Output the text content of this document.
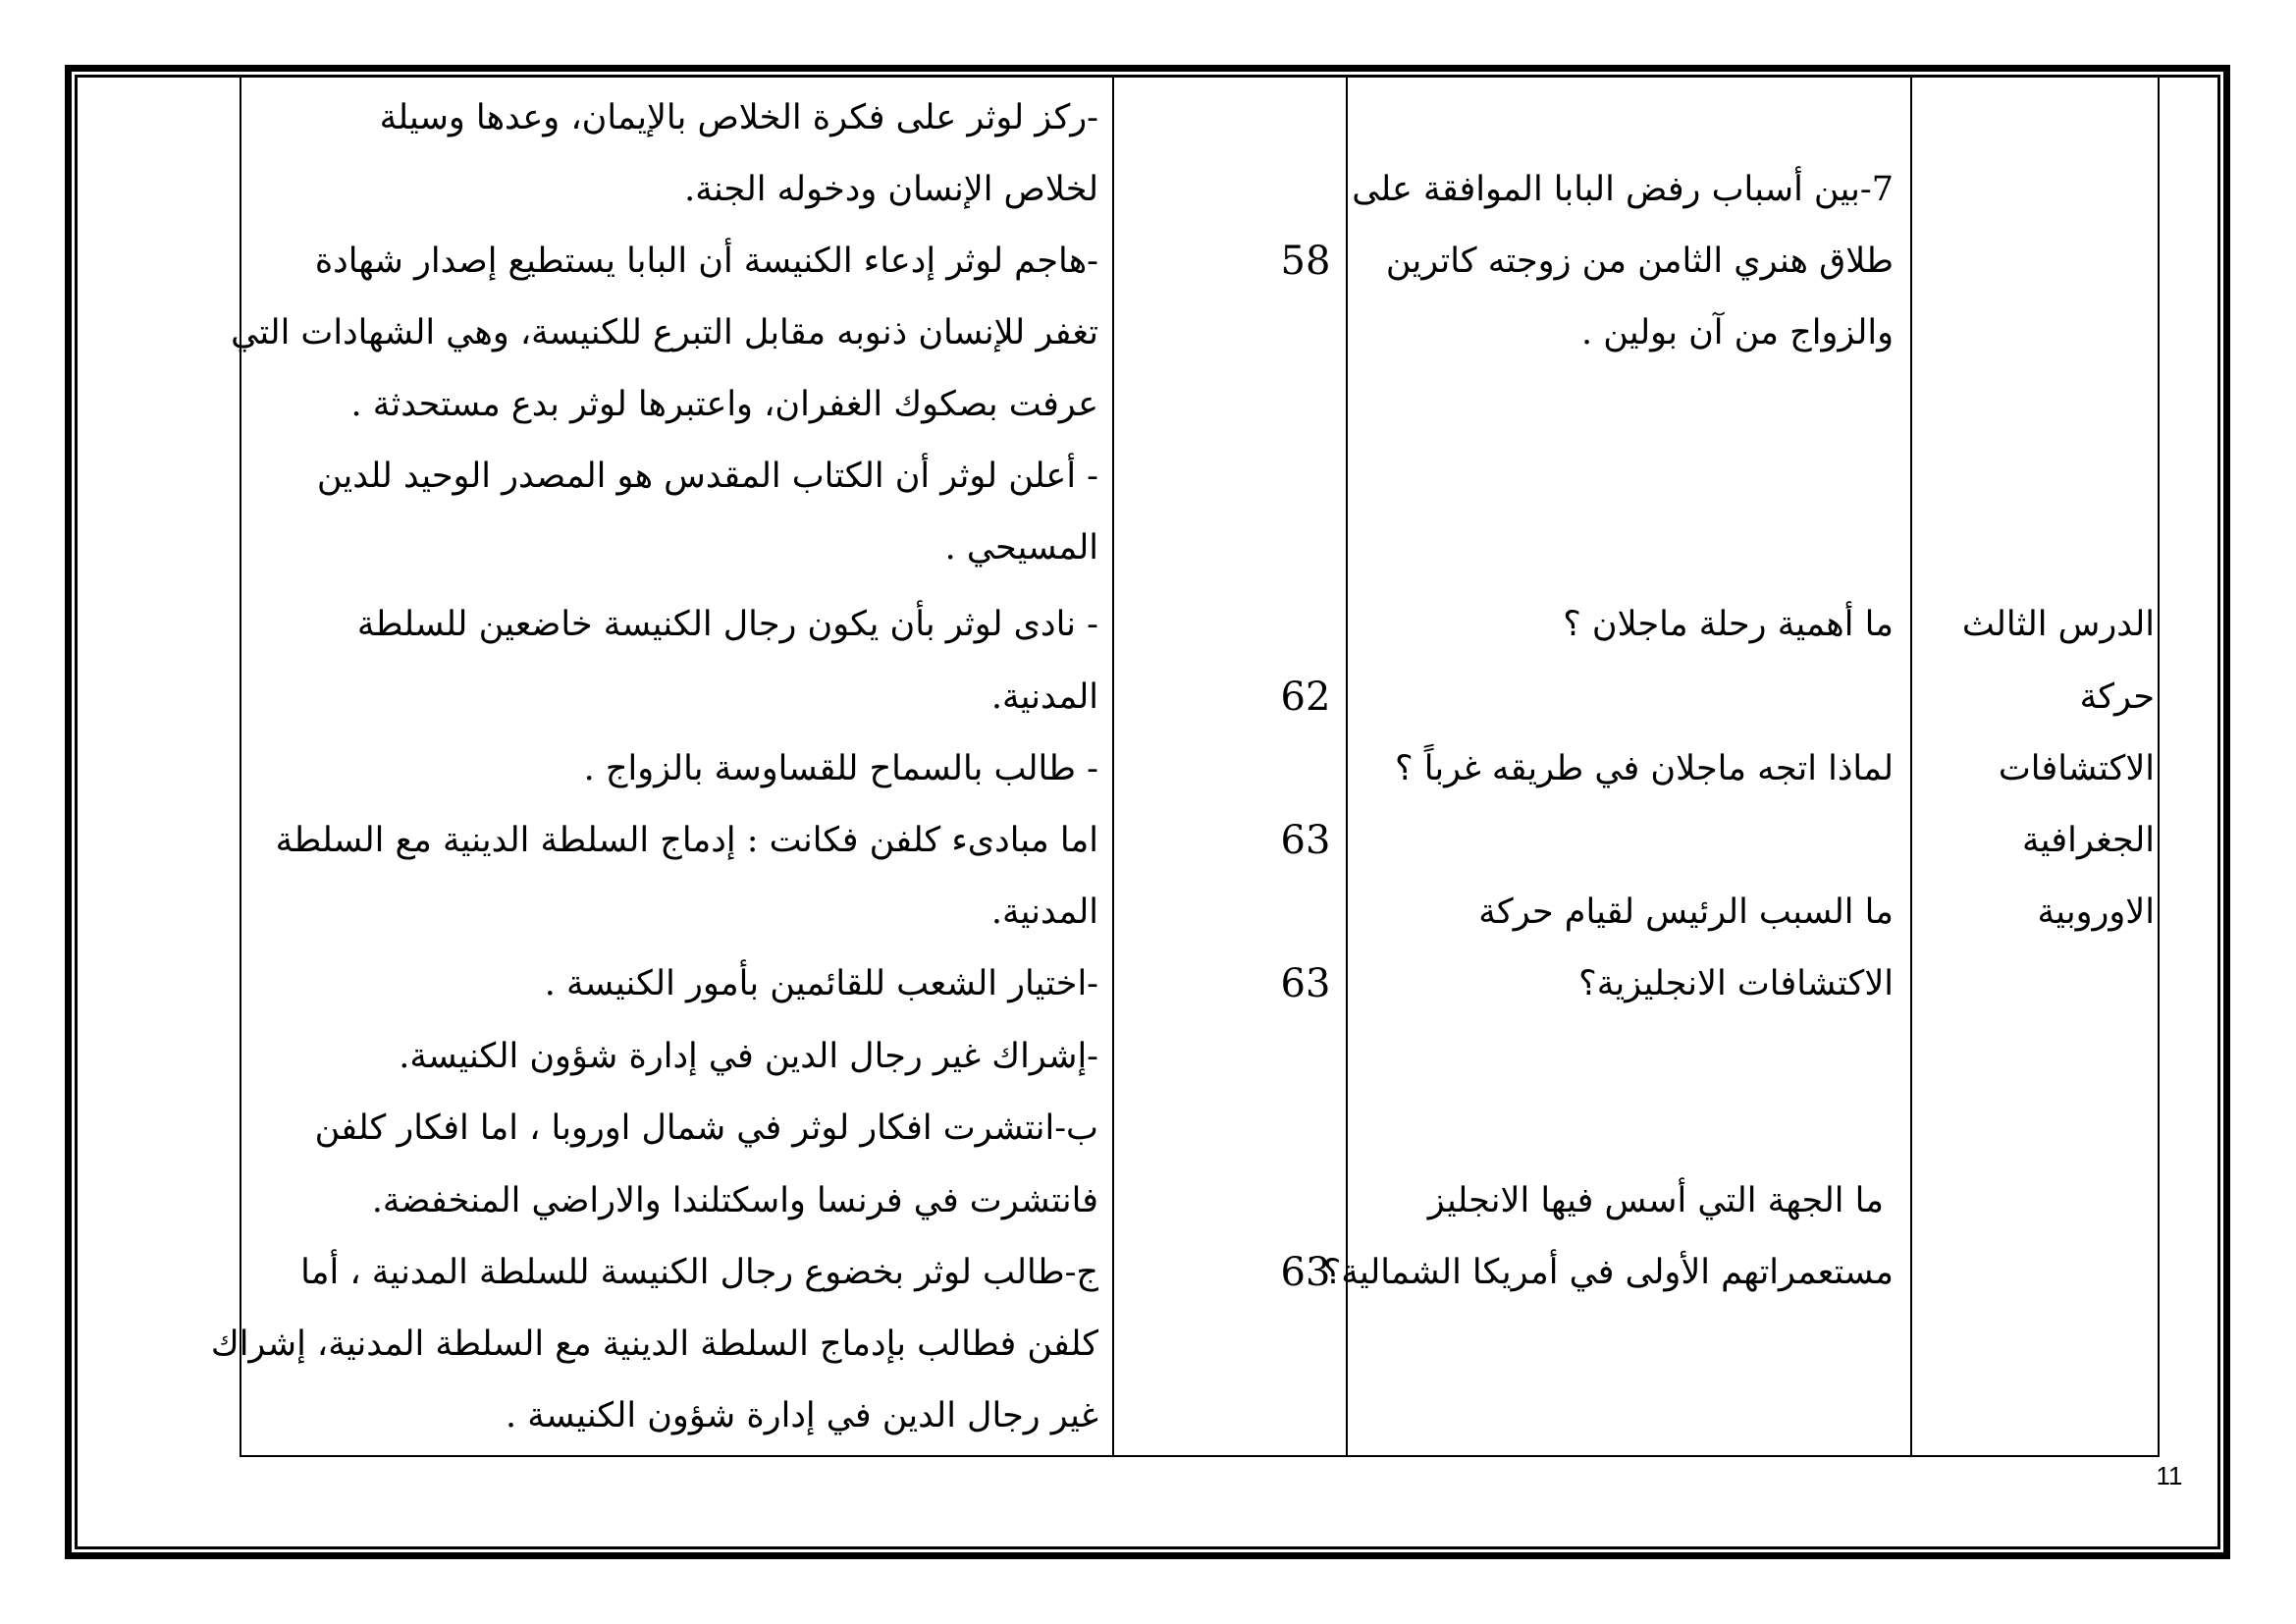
الدرس الثالث
حركة
الاكتشافات
الجغرافية
الاوروبية
7-بين أسباب رفض البابا الموافقة على
طلاق هنري الثامن من زوجته كاترين
والزواج من آن بولين .
ما أهمية رحلة ماجلان ؟
لماذا اتجه ماجلان في طريقه غرباً ؟
ما السبب الرئيس لقيام حركة
الاكتشافات الانجليزية؟
ما الجهة التي أسس فيها الانجليز
مستعمراتهم الأولى في أمريكا الشمالية؟
58
62
63
63
63
-ركز لوثر على فكرة الخلاص بالإيمان، وعدها وسيلة
لخلاص الإنسان ودخوله الجنة.
-هاجم لوثر إدعاء الكنيسة أن البابا يستطيع إصدار شهادة
تغفر للإنسان ذنوبه مقابل التبرع للكنيسة، وهي الشهادات التي
عرفت بصكوك الغفران، واعتبرها لوثر بدع مستحدثة .
- أعلن لوثر أن الكتاب المقدس هو المصدر الوحيد للدين
المسيحي .
- نادى لوثر بأن يكون رجال الكنيسة خاضعين للسلطة
المدنية.
- طالب بالسماح للقساوسة بالزواج .
اما مبادىء كلفن فكانت : إدماج السلطة الدينية مع السلطة
المدنية.
-اختيار الشعب للقائمين بأمور الكنيسة .
-إشراك غير رجال الدين في إدارة شؤون الكنيسة.
ب-انتشرت افكار لوثر في شمال اوروبا ، اما افكار كلفن
فانتشرت في فرنسا واسكتلندا والاراضي المنخفضة.
ج-طالب لوثر بخضوع رجال الكنيسة للسلطة المدنية ، أما
كلفن فطالب بإدماج السلطة الدينية مع السلطة المدنية، إشراك
غير رجال الدين في إدارة شؤون الكنيسة .
11
